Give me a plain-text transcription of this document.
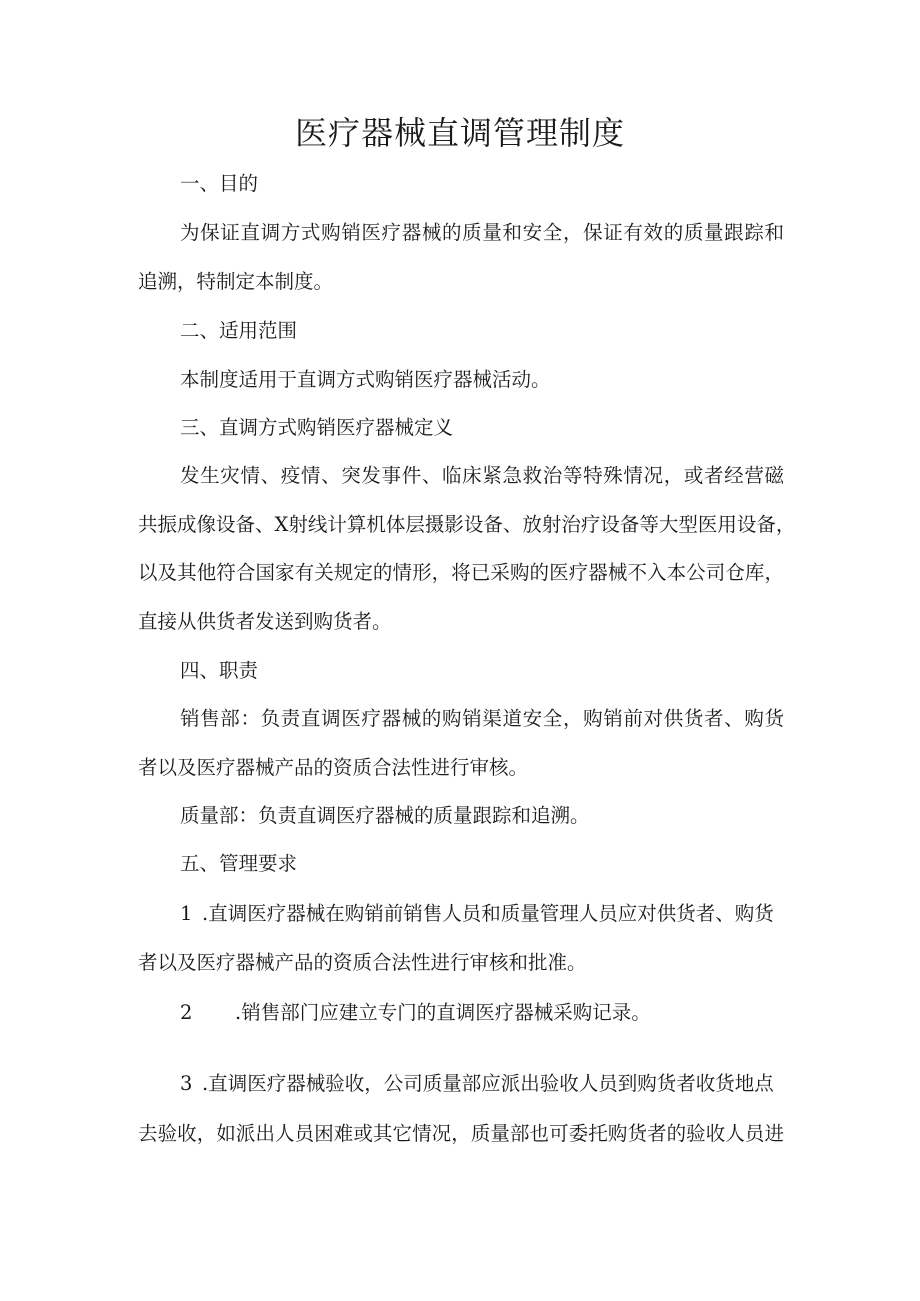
医疗器械直调管理制度

一、目的

为保证直调方式购销医疗器械的质量和安全，保证有效的质量跟踪和

追溯，特制定本制度。

二、适用范围

本制度适用于直调方式购销医疗器械活动。

三、直调方式购销医疗器械定义

发生灾情、疫情、突发事件、临床紧急救治等特殊情况，或者经营磁

共振成像设备、X射线计算机体层摄影设备、放射治疗设备等大型医用设备，

以及其他符合国家有关规定的情形，将已采购的医疗器械不入本公司仓库，

直接从供货者发送到购货者。

四、职责

销售部：负责直调医疗器械的购销渠道安全，购销前对供货者、购货

者以及医疗器械产品的资质合法性进行审核。

质量部：负责直调医疗器械的质量跟踪和追溯。

五、管理要求

1 .直调医疗器械在购销前销售人员和质量管理人员应对供货者、购货

者以及医疗器械产品的资质合法性进行审核和批准。

2 .销售部门应建立专门的直调医疗器械采购记录。

3 .直调医疗器械验收，公司质量部应派出验收人员到购货者收货地点

去验收，如派出人员困难或其它情况，质量部也可委托购货者的验收人员进
